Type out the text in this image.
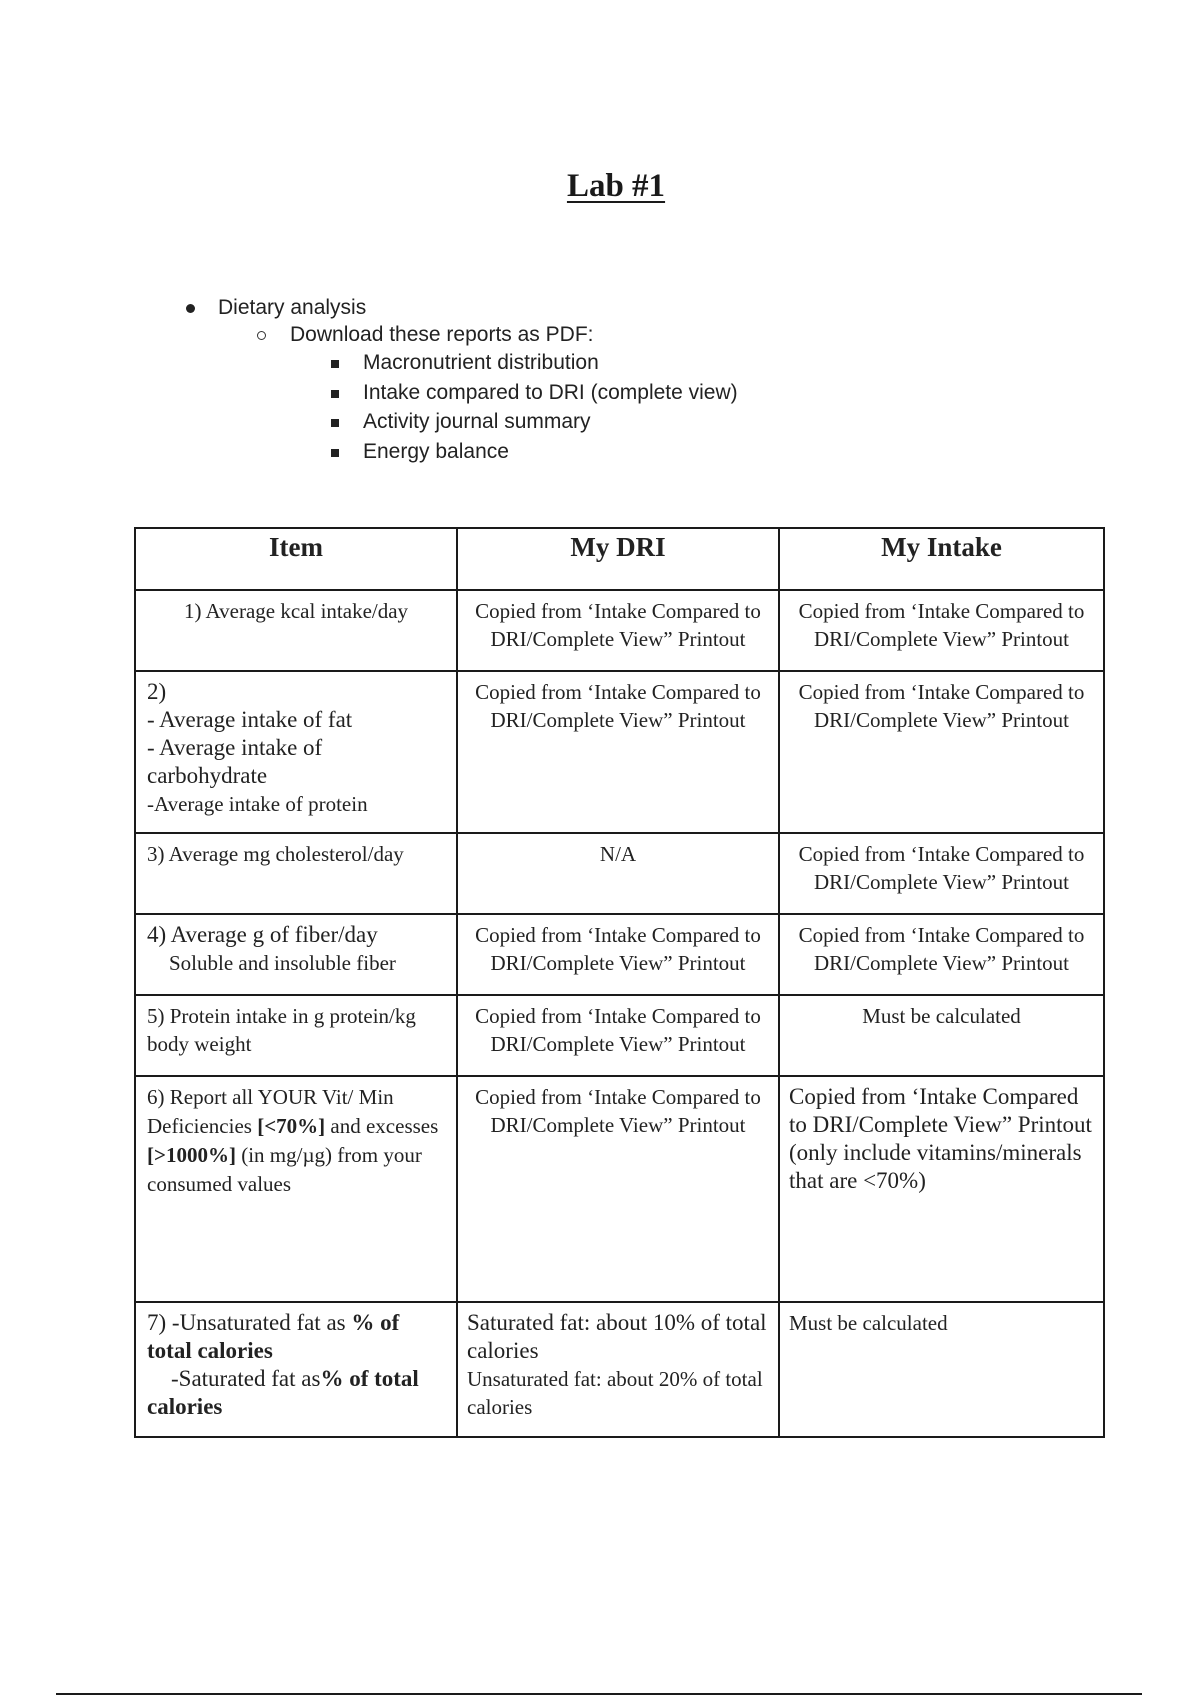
Lab #1
Dietary analysis
Download these reports as PDF:
Macronutrient distribution
Intake compared to DRI (complete view)
Activity journal summary
Energy balance
Item	My DRI	My Intake
1) Average kcal intake/day	Copied from ‘Intake Compared to DRI/Complete View” Printout	Copied from ‘Intake Compared to DRI/Complete View” Printout

2)
- Average intake of fat
- Average intake of carbohydrate
-Average intake of protein	Copied from ‘Intake Compared to DRI/Complete View” Printout	Copied from ‘Intake Compared to DRI/Complete View” Printout
3) Average mg cholesterol/day	N/A	Copied from ‘Intake Compared to DRI/Complete View” Printout

4) Average g of fiber/day
Soluble and insoluble fiber	Copied from ‘Intake Compared to DRI/Complete View” Printout	Copied from ‘Intake Compared to DRI/Complete View” Printout
5) Protein intake in g protein/kg body weight	Copied from ‘Intake Compared to DRI/Complete View” Printout	Must be calculated
6) Report all YOUR Vit/ Min Deficiencies [<70%] and excesses [>1000%] (in mg/µg) from your consumed values	Copied from ‘Intake Compared to DRI/Complete View” Printout	Copied from ‘Intake Compared to DRI/Complete View” Printout
(only include vitamins/minerals that are <70%)

7) -Unsaturated fat as % of total calories
-Saturated fat as% of total calories	Saturated fat: about 10% of total calories
Unsaturated fat: about 20% of total calories	Must be calculated
